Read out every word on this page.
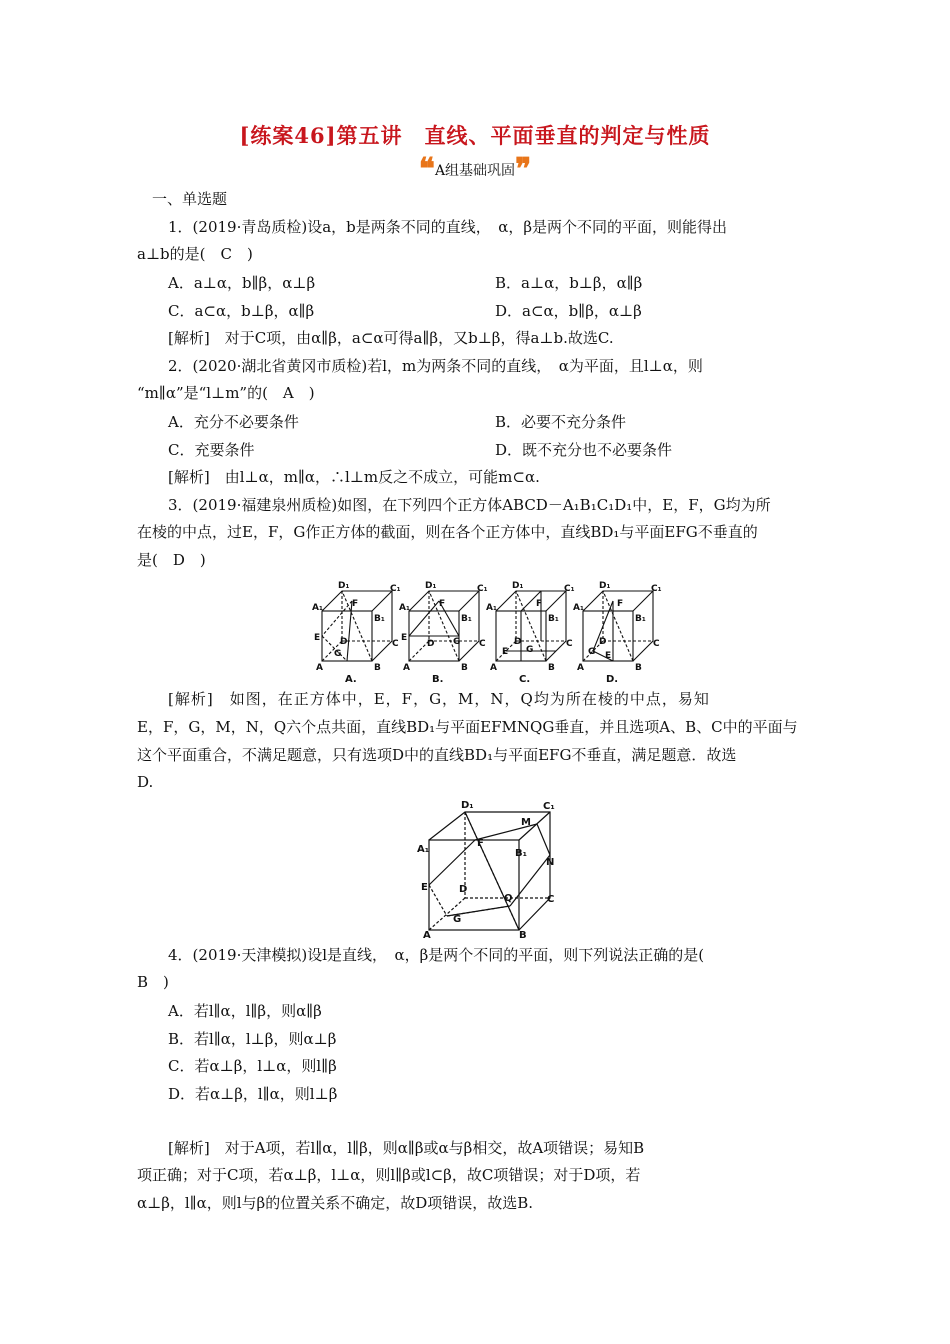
[练案46]第五讲　直线、平面垂直的判定与性质
❝A组基础巩固❞
一、单选题
1．(2019·青岛质检)设a，b是两条不同的直线，　α，β是两个不同的平面，则能得出
a⊥b的是(　C　)
A．a⊥α，b∥β，α⊥β	B．a⊥α，b⊥β，α∥β
C．a⊂α，b⊥β，α∥β	D．a⊂α，b∥β，α⊥β
[解析]　对于C项，由α∥β，a⊂α可得a∥β，又b⊥β，得a⊥b.故选C.
2．(2020·湖北省黄冈市质检)若l，m为两条不同的直线，　α为平面，且l⊥α，则
“m∥α”是“l⊥m”的(　A　)
A．充分不必要条件	B．必要不充分条件
C．充要条件	D．既不充分也不必要条件
[解析]　由l⊥α，m∥α，∴l⊥m反之不成立，可能m⊂α.
3．(2019·福建泉州质检)如图，在下列四个正方体ABCD－A₁B₁C₁D₁中，E，F，G均为所
在棱的中点，过E，F，G作正方体的截面，则在各个正方体中，直线BD₁与平面EFG不垂直的
是(　D　)
A₁
D₁	C₁
B₁
F
E D
G
A	B
C
A₁
D₁	C₁
B₁
F
E
D G
A	B
C
A₁
D₁	C₁
B₁
F
E
D
G
A	B
C
A₁
D₁	C₁
B₁
F
E
D
G
A	B
C
A.	B.	C.	D.
[解析]　如图，在正方体中，E，F，G，M，N，Q均为所在棱的中点，易知
E，F，G，M，N，Q六个点共面，直线BD₁与平面EFMNQG垂直，并且选项A、B、C中的平面与
这个平面重合，不满足题意，只有选项D中的直线BD₁与平面EFG不垂直，满足题意．故选
D.
D₁	C₁
A₁	B₁
F
M
N
E	D
Q	C
G
A	B
4．(2019·天津模拟)设l是直线，　α，β是两个不同的平面，则下列说法正确的是(
B　)
A．若l∥α，l∥β，则α∥β
B．若l∥α，l⊥β，则α⊥β
C．若α⊥β，l⊥α，则l∥β
D．若α⊥β，l∥α，则l⊥β
[解析]　对于A项，若l∥α，l∥β，则α∥β或α与β相交，故A项错误；易知B
项正确；对于C项，若α⊥β，l⊥α，则l∥β或l⊂β，故C项错误；对于D项，若
α⊥β，l∥α，则l与β的位置关系不确定，故D项错误，故选B.
